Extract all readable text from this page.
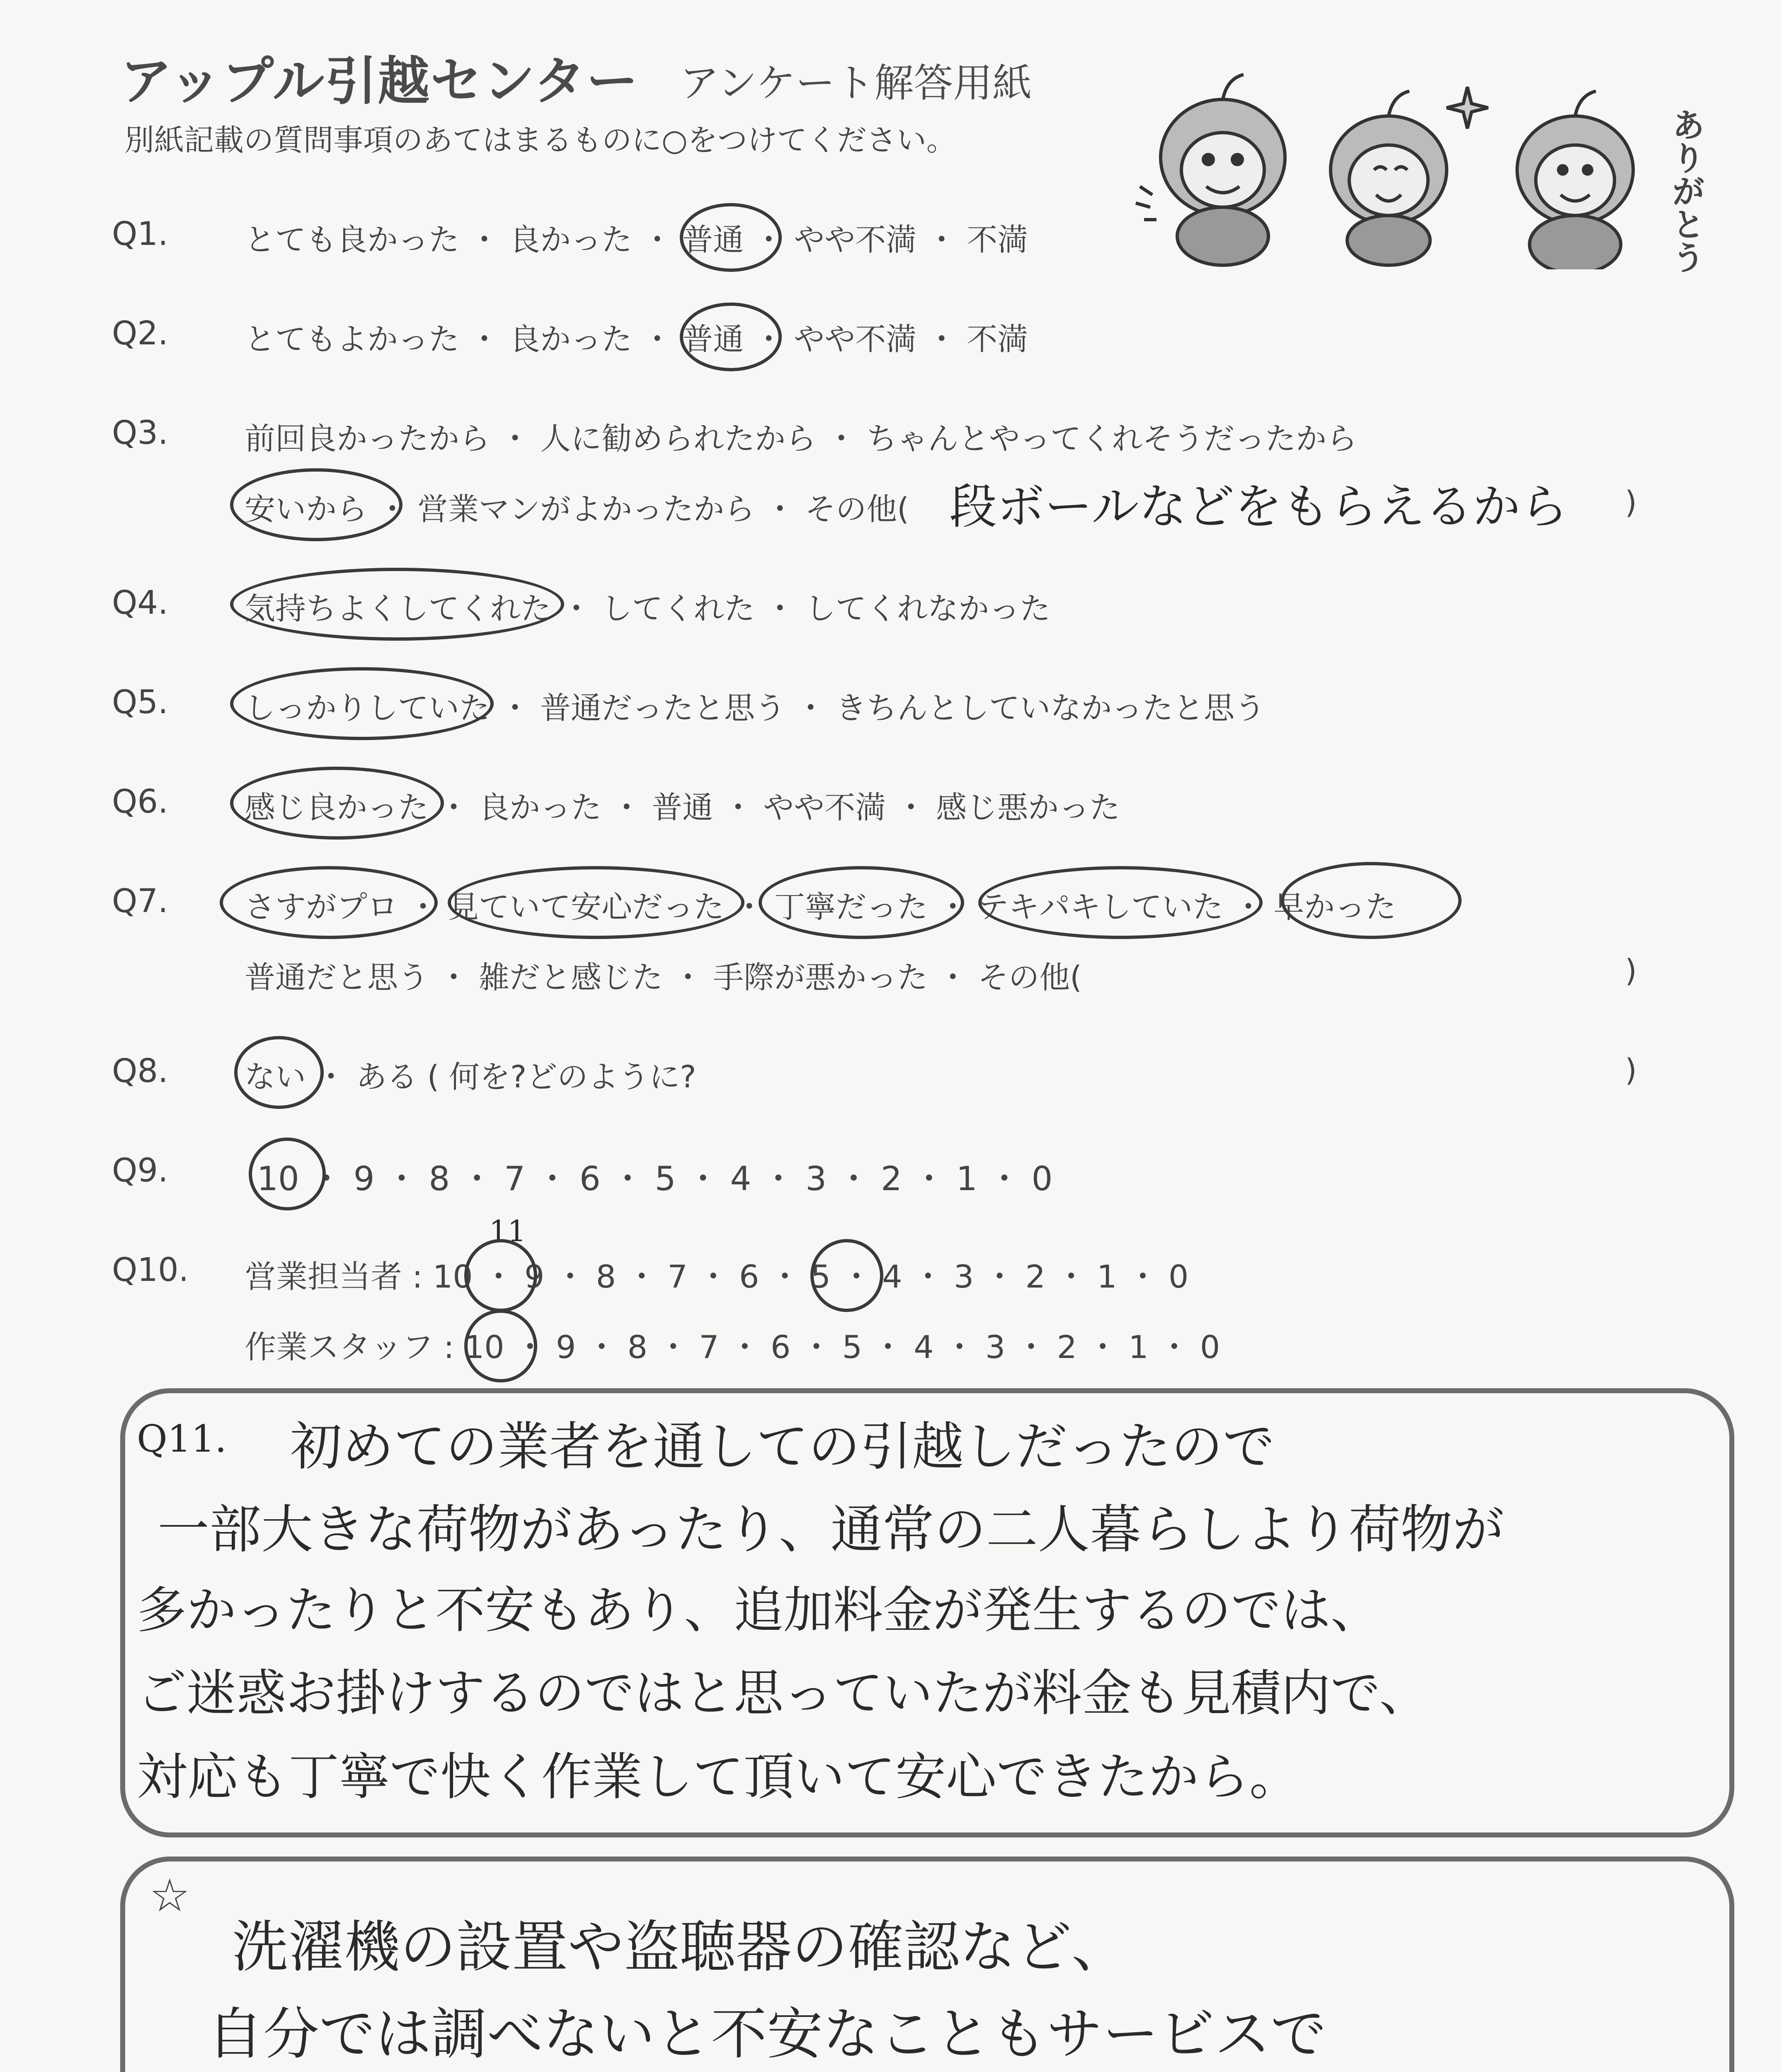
アップル引越センター アンケート解答用紙
別紙記載の質問事項のあてはまるものに○をつけてください。	ありがとう
Q1. とても良かった ・ 良かった ・ 普通 ・ やや不満 ・ 不満
Q2. とてもよかった ・ 良かった ・ 普通 ・ やや不満 ・ 不満
Q3. 前回良かったから ・ 人に勧められたから ・ ちゃんとやってくれそうだったから
安いから ・ 営業マンがよかったから ・ その他(	)
段ボールなどをもらえるから
Q4. 気持ちよくしてくれた ・ してくれた ・ してくれなかった
Q5. しっかりしていた ・ 普通だったと思う ・ きちんとしていなかったと思う
Q6. 感じ良かった ・ 良かった ・ 普通 ・ やや不満 ・ 感じ悪かった
Q7. さすがプロ ・ 見ていて安心だった ・ 丁寧だった ・ テキパキしていた ・ 早かった
普通だと思う ・ 雑だと感じた ・ 手際が悪かった ・ その他(	)
Q8. ない ・ ある ( 何を?どのように?	)
Q9.	10 ・ 9 ・ 8 ・ 7 ・ 6 ・ 5 ・ 4 ・ 3 ・ 2 ・ 1 ・ 0
Q10. 営業担当者 : 10 ・ 9 ・ 8 ・ 7 ・ 6 ・ 5 ・ 4 ・ 3 ・ 2 ・ 1 ・ 0
作業スタッフ : 10 ・ 9 ・ 8 ・ 7 ・ 6 ・ 5 ・ 4 ・ 3 ・ 2 ・ 1 ・ 0
11
Q11. 初めての業者を通しての引越しだったので
一部大きな荷物があったり、通常の二人暮らしより荷物が
多かったりと不安もあり、追加料金が発生するのでは、
ご迷惑お掛けするのではと思っていたが料金も見積内で、
対応も丁寧で快く作業して頂いて安心できたから。
☆
洗濯機の設置や盗聴器の確認など、
自分では調べないと不安なこともサービスで
